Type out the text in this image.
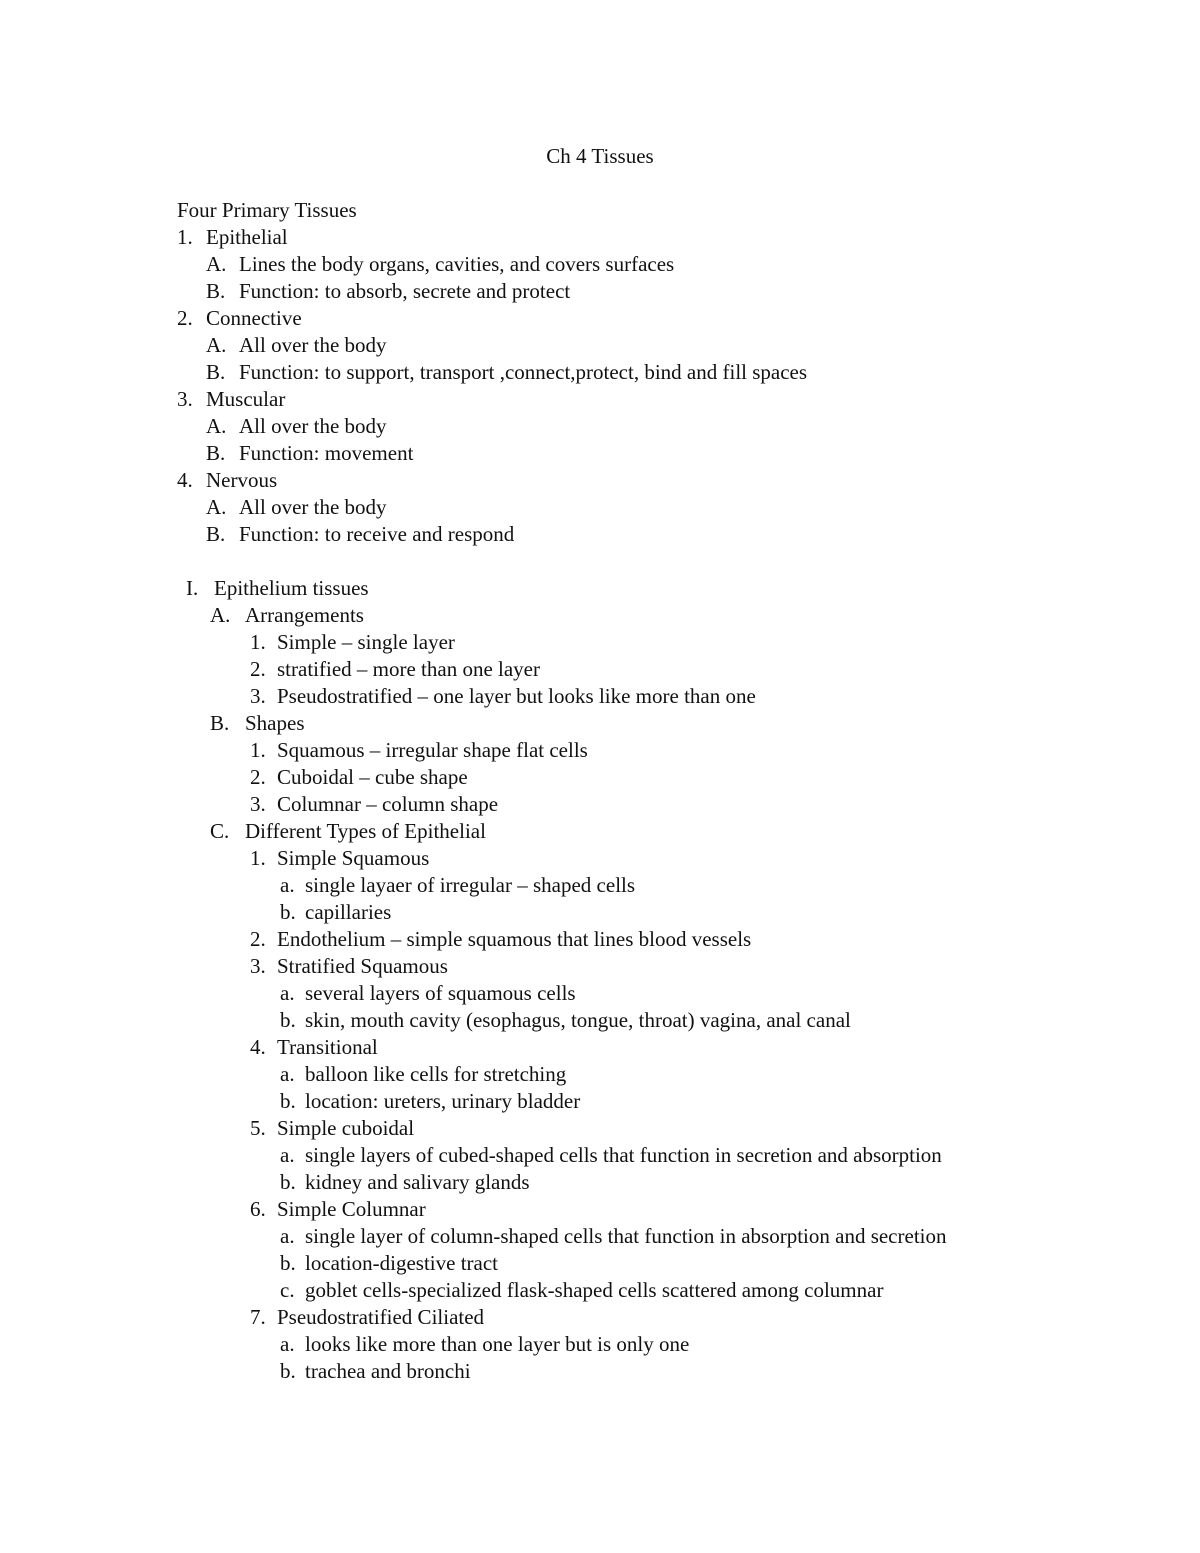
Ch 4 Tissues
Four Primary Tissues
1. Epithelial
A. Lines the body organs, cavities, and covers surfaces
B. Function: to absorb, secrete and protect
2. Connective
A. All over the body
B. Function: to support, transport ,connect,protect, bind and fill spaces
3. Muscular
A. All over the body
B. Function: movement
4. Nervous
A. All over the body
B. Function: to receive and respond
I. Epithelium tissues
A. Arrangements
1. Simple – single layer
2. stratified – more than one layer
3. Pseudostratified – one layer but looks like more than one
B. Shapes
1. Squamous – irregular shape flat cells
2. Cuboidal – cube shape
3. Columnar – column shape
C. Different Types of Epithelial
1. Simple Squamous
a. single layaer of irregular – shaped cells
b. capillaries
2. Endothelium – simple squamous that lines blood vessels
3. Stratified Squamous
a. several layers of squamous cells
b. skin, mouth cavity (esophagus, tongue, throat) vagina, anal canal
4. Transitional
a. balloon like cells for stretching
b. location: ureters, urinary bladder
5. Simple cuboidal
a. single layers of cubed-shaped cells that function in secretion and absorption
b. kidney and salivary glands
6. Simple Columnar
a. single layer of column-shaped cells that function in absorption and secretion
b. location-digestive tract
c. goblet cells-specialized flask-shaped cells scattered among columnar
7. Pseudostratified Ciliated
a. looks like more than one layer but is only one
b. trachea and bronchi
